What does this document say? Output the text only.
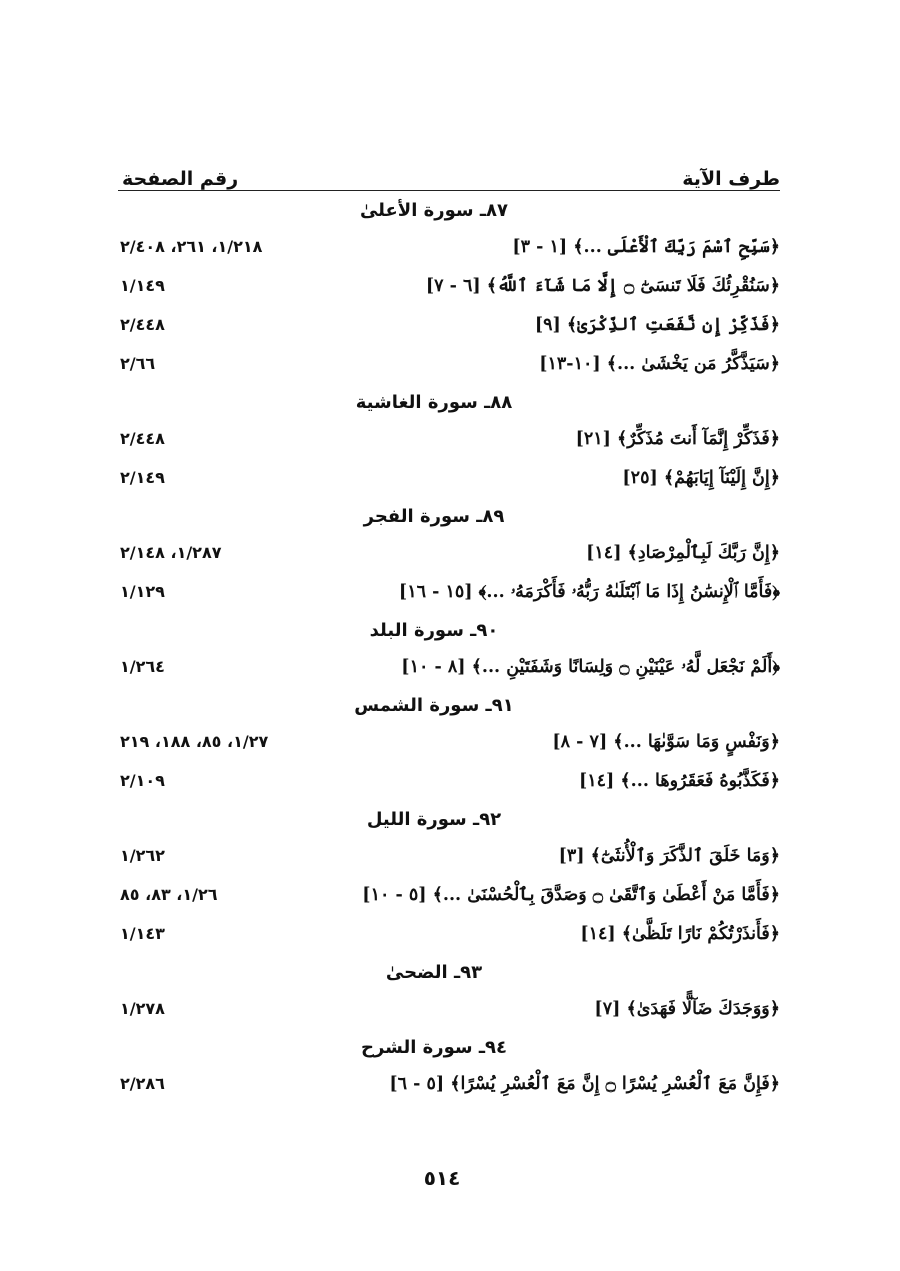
طرف الآية
رقم الصفحة
٨٧ـ سورة الأعلىٰ
﴿سَبِّحِ ٱسْمَ رَبِّكَ ٱلْأَعْلَى ...﴾ [١ - ٣]
١/٢١٨، ٢٦١، ٢/٤٠٨
﴿سَنُقْرِئُكَ فَلَا تَنسَىٰٓ ۝ إِلَّا مَا شَآءَ ٱللَّهُ﴾ [٦ - ٧]
١/١٤٩
﴿فَذَكِّرْ إِن نَّفَعَتِ ٱلذِّكْرَىٰ﴾ [٩]
٢/٤٤٨
﴿سَيَذَّكَّرُ مَن يَخْشَىٰ ...﴾ [١٠-١٣]
٢/٦٦
٨٨ـ سورة الغاشية
﴿فَذَكِّرْ إِنَّمَآ أَنتَ مُذَكِّرٌ﴾ [٢١]
٢/٤٤٨
﴿إِنَّ إِلَيْنَآ إِيَابَهُمْ﴾ [٢٥]
٢/١٤٩
٨٩ـ سورة الفجر
﴿إِنَّ رَبَّكَ لَبِٱلْمِرْصَادِ﴾ [١٤]
١/٢٨٧، ٢/١٤٨
﴿فَأَمَّا ٱلْإِنسَٰنُ إِذَا مَا ٱبْتَلَىٰهُ رَبُّهُۥ فَأَكْرَمَهُۥ ...﴾ [١٥ - ١٦]
١/١٢٩
٩٠ـ سورة البلد
﴿أَلَمْ نَجْعَل لَّهُۥ عَيْنَيْنِ ۝ وَلِسَانًا وَشَفَتَيْنِ ...﴾ [٨ - ١٠]
١/٢٦٤
٩١ـ سورة الشمس
﴿وَنَفْسٍ وَمَا سَوَّىٰهَا ...﴾ [٧ - ٨]
١/٢٧، ٨٥، ١٨٨، ٢١٩
﴿فَكَذَّبُوهُ فَعَقَرُوهَا ...﴾ [١٤]
٢/١٠٩
٩٢ـ سورة الليل
﴿وَمَا خَلَقَ ٱلذَّكَرَ وَٱلْأُنثَىٰٓ﴾ [٣]
١/٢٦٢
﴿فَأَمَّا مَنْ أَعْطَىٰ وَٱتَّقَىٰ ۝ وَصَدَّقَ بِٱلْحُسْنَىٰ ...﴾ [٥ - ١٠]
١/٢٦، ٨٣، ٨٥
﴿فَأَنذَرْتُكُمْ نَارًا تَلَظَّىٰ﴾ [١٤]
١/١٤٣
٩٣ـ الضحىٰ
﴿وَوَجَدَكَ ضَآلًّا فَهَدَىٰ﴾ [٧]
١/٢٧٨
٩٤ـ سورة الشرح
﴿فَإِنَّ مَعَ ٱلْعُسْرِ يُسْرًا ۝ إِنَّ مَعَ ٱلْعُسْرِ يُسْرًا﴾ [٥ - ٦]
٢/٢٨٦
٥١٤
